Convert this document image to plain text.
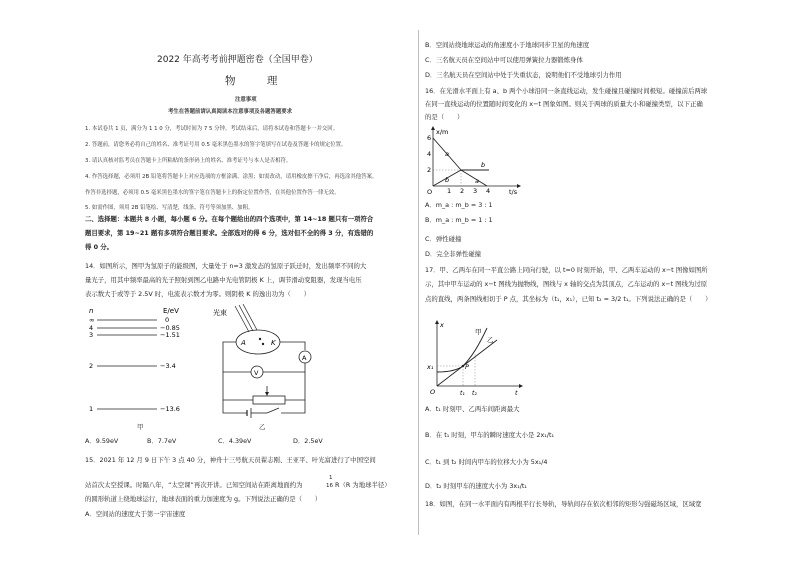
2022 年高考考前押题密卷（全国甲卷）
物 理
注意事项
考生在答题前请认真阅读本注意事项及各题答题要求
1. 本试卷共 1 页，满分为 1 1 0 分，考试时间为 7 5 分钟。考试结束后，请将本试卷和答题卡一并交回。
2. 答题前，请您务必将自己的姓名、准考证号用 0.5 毫米黑色墨水的签字笔填写在试卷及答题卡的规定位置。
3. 请认真核对监考员在答题卡上所粘贴的条形码上的姓名、准考证号与本人是否相符。
4. 作答选择题，必须用 2B 铅笔将答题卡上对应选项的方框涂满、涂黑；如需改动，请用橡皮擦干净后，再选涂其他答案。
作答非选择题，必须用 0.5 毫米黑色墨水的签字笔在答题卡上的指定位置作答，在其他位置作答一律无效。
5. 如需作图，须用 2B 铅笔绘、写清楚，线条、符号等须加黑、加粗。
二、选择题：本题共 8 小题，每小题 6 分。在每个题给出的四个选项中，第 14~18 题只有一项符合
题目要求，第 19~21 题有多项符合题目要求。全部选对的得 6 分，选对但不全的得 3 分，有选错的
得 0 分。
14．如图所示，图甲为氢原子的能级图，大量处于 n=3 激发态的氢原子跃迁时，发出频率不同的大
量光子，用其中频率最高的光子照射到图乙电路中光电管阴极 K 上，调节滑动变阻器，发现当电压
表示数大于或等于 2.5V 时，电流表示数才为零。则阴极 K 的逸出功为（　　）
n	E/eV
∞	0
4	−0.85
3	−1.51
2	−3.4
1	−13.6
甲
光束
A	K
A
V
乙
A．9.59eV	B．7.7eV	C．4.39eV	D．2.5eV
15．2021 年 12 月 9 日下午 3 点 40 分，神舟十三号航天员翟志刚、王亚平、叶光富进行了中国空间
站首次太空授课。时隔八年，“太空课”再次开讲。已知空间站在距离地面约为
1
16 R（R 为地球半径）
的圆形轨道上绕地球运行，地球表面的重力加速度为 g。下列说法正确的是（　　）
A．空间站的速度大于第一宇宙速度
B．空间站绕地球运动的角速度小于地球同步卫星的角速度
C．三名航天员在空间站中可以使用弹簧拉力器锻炼身体
D．三名航天员在空间站中处于失重状态，说明他们不受地球引力作用
16．在光滑水平面上有 a、b 两个小球沿同一条直线运动，发生碰撞且碰撞时间极短。碰撞前后两球
在同一直线运动的位置随时间变化的 x−t 图象如图。则关于两球的质量大小和碰撞类型，以下正确
的是（　　）
x/m
t/s
O
2
4
6
1 2 3 4
a
b	a
b
A．m_a : m_b = 3 : 1
B．m_a : m_b = 1 : 1
C．弹性碰撞
D．完全非弹性碰撞
17．甲、乙两车在同一平直公路上同向行驶，以 t=0 时刻开始，甲、乙两车运动的 x−t 图像如图所
示，其中甲车运动的 x−t 图线为抛物线，图线与 x 轴的交点为其顶点，乙车运动的 x−t 图线为过原
点的直线，两条图线相切于 P 点，其坐标为（t₁，x₁），已知 t₂ = 3/2 t₁。下列说法正确的是（　　）
x
t
O
x₁
t₁ t₂
P
甲
乙
A．t₁ 时刻甲、乙两车间距离最大
B．在 t₁ 时刻，甲车的瞬时速度大小是 2x₁/t₁
C．t₁ 到 t₂ 时间内甲车的位移大小为 5x₁/4
D．t₂ 时刻甲车的速度大小为 3x₁/t₁
18．如图，在同一水平面内有两根平行长导轨，导轨间存在依次相邻的矩形匀强磁场区域，区域宽
